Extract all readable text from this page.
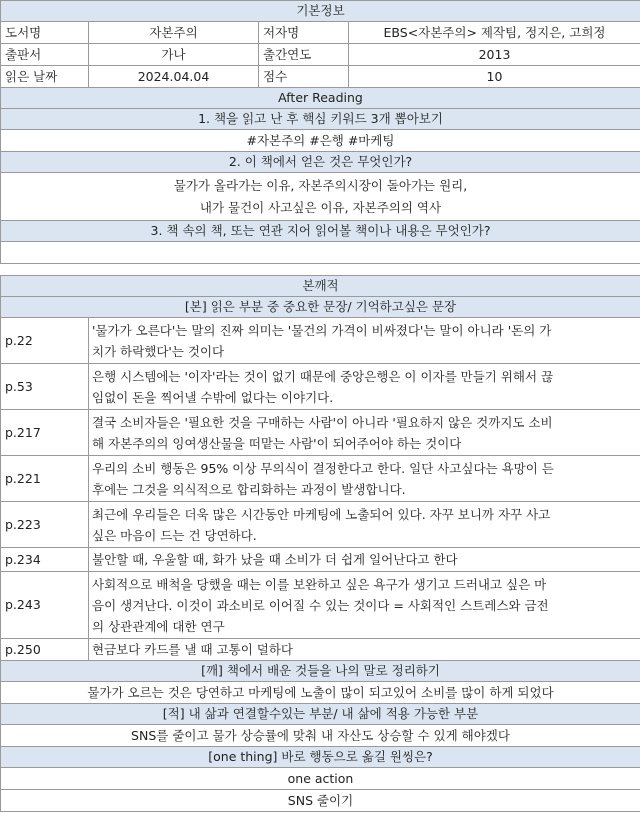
기본정보			
도서명	자본주의	저자명	EBS<자본주의> 제작팀, 정지은, 고희정
출판서	가나	출간연도	2013
읽은 날짜	2024.04.04	점수	10
After Reading			
1. 책을 읽고 난 후 핵심 키워드 3개 뽑아보기			
#자본주의 #은행 #마케팅			
2. 이 책에서 얻은 것은 무엇인가?			

물가가 올라가는 이유, 자본주의시장이 돌아가는 원리,
내가 물건이 사고싶은 이유, 자본주의의 역사			

3. 책 속의 책, 또는 연관 지어 읽어볼 책이나 내용은 무엇인가?			

본깨적			
[본] 읽은 부분 중 중요한 문장/ 기억하고싶은 문장			
p.22	'물가가 오른다'는 말의 진짜 의미는 '물건의 가격이 비싸졌다'는 말이 아니라 '돈의 가
치가 하락했다'는 것이다		

p.53	은행 시스템에는 '이자'라는 것이 없기 때문에 중앙은행은 이 이자를 만들기 위해서 끊
임없이 돈을 찍어낼 수밖에 없다는 이야기다.		

p.217	결국 소비자들은 '필요한 것을 구매하는 사람'이 아니라 '필요하지 않은 것까지도 소비
해 자본주의의 잉여생산물을 떠맡는 사람'이 되어주어야 하는 것이다		

p.221	우리의 소비 행동은 95% 이상 무의식이 결정한다고 한다. 일단 사고싶다는 욕망이 든
후에는 그것을 의식적으로 합리화하는 과정이 발생합니다.		

p.223	최근에 우리들은 더욱 많은 시간동안 마케팅에 노출되어 있다. 자꾸 보니까 자꾸 사고
싶은 마음이 드는 건 당연하다.		

p.234	불안할 때, 우울할 때, 화가 났을 때 소비가 더 쉽게 일어난다고 한다		

p.243	사회적으로 배척을 당했을 때는 이를 보완하고 싶은 욕구가 생기고 드러내고 싶은 마
음이 생겨난다. 이것이 과소비로 이어질 수 있는 것이다 = 사회적인 스트레스와 금전
의 상관관계에 대한 연구		

p.250	현금보다 카드를 낼 때 고통이 덜하다		

[깨] 책에서 배운 것들을 나의 말로 정리하기			
물가가 오르는 것은 당연하고 마케팅에 노출이 많이 되고있어 소비를 많이 하게 되었다			
[적] 내 삶과 연결할수있는 부분/ 내 삶에 적용 가능한 부분			
SNS를 줄이고 물가 상승률에 맞춰 내 자산도 상승할 수 있게 해야겠다			
[one thing] 바로 행동으로 옮길 원씽은?			
one action			
SNS 줄이기			
